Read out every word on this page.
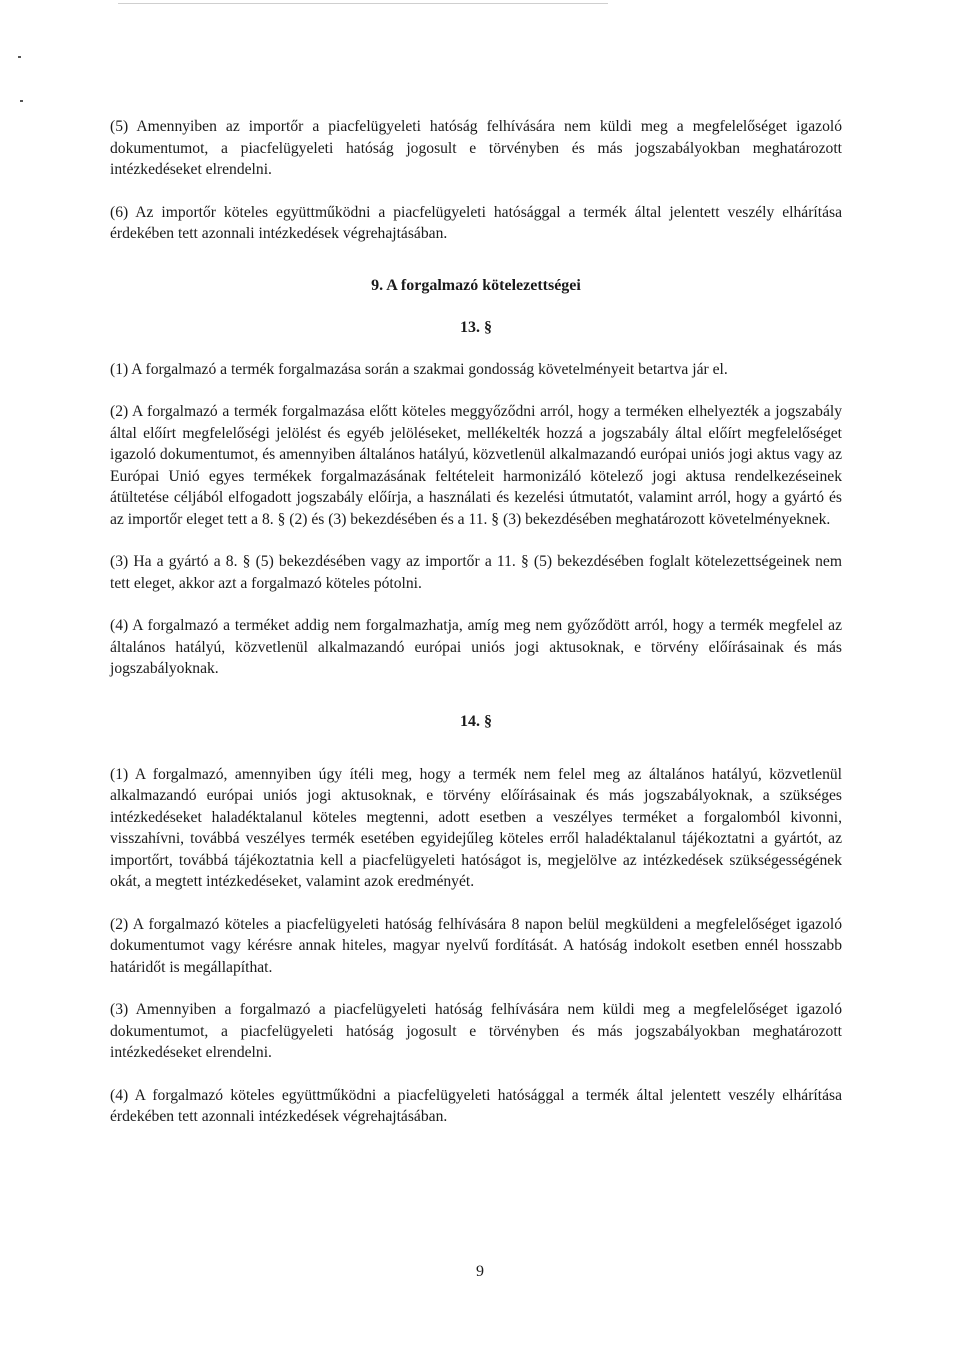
(5) Amennyiben az importőr a piacfelügyeleti hatóság felhívására nem küldi meg a megfelelőséget igazoló dokumentumot, a piacfelügyeleti hatóság jogosult e törvényben és más jogszabályokban meghatározott intézkedéseket elrendelni.

(6) Az importőr köteles együttműködni a piacfelügyeleti hatósággal a termék által jelentett veszély elhárítása érdekében tett azonnali intézkedések végrehajtásában.

9. A forgalmazó kötelezettségei

13. §

(1) A forgalmazó a termék forgalmazása során a szakmai gondosság követelményeit betartva jár el.

(2) A forgalmazó a termék forgalmazása előtt köteles meggyőződni arról, hogy a terméken elhelyezték a jogszabály által előírt megfelelőségi jelölést és egyéb jelöléseket, mellékelték hozzá a jogszabály által előírt megfelelőséget igazoló dokumentumot, és amennyiben általános hatályú, közvetlenül alkalmazandó európai uniós jogi aktus vagy az Európai Unió egyes termékek forgalmazásának feltételeit harmonizáló kötelező jogi aktusa rendelkezéseinek átültetése céljából elfogadott jogszabály előírja, a használati és kezelési útmutatót, valamint arról, hogy a gyártó és az importőr eleget tett a 8. § (2) és (3) bekezdésében és a 11. § (3) bekezdésében meghatározott követelményeknek.

(3) Ha a gyártó a 8. § (5) bekezdésében vagy az importőr a 11. § (5) bekezdésében foglalt kötelezettségeinek nem tett eleget, akkor azt a forgalmazó köteles pótolni.

(4) A forgalmazó a terméket addig nem forgalmazhatja, amíg meg nem győződött arról, hogy a termék megfelel az általános hatályú, közvetlenül alkalmazandó európai uniós jogi aktusoknak, e törvény előírásainak és más jogszabályoknak.

14. §

(1) A forgalmazó, amennyiben úgy ítéli meg, hogy a termék nem felel meg az általános hatályú, közvetlenül alkalmazandó európai uniós jogi aktusoknak, e törvény előírásainak és más jogszabályoknak, a szükséges intézkedéseket haladéktalanul köteles megtenni, adott esetben a veszélyes terméket a forgalomból kivonni, visszahívni, továbbá veszélyes termék esetében egyidejűleg köteles erről haladéktalanul tájékoztatni a gyártót, az importőrt, továbbá tájékoztatnia kell a piacfelügyeleti hatóságot is, megjelölve az intézkedések szükségességének okát, a megtett intézkedéseket, valamint azok eredményét.

(2) A forgalmazó köteles a piacfelügyeleti hatóság felhívására 8 napon belül megküldeni a megfelelőséget igazoló dokumentumot vagy kérésre annak hiteles, magyar nyelvű fordítását. A hatóság indokolt esetben ennél hosszabb határidőt is megállapíthat.

(3) Amennyiben a forgalmazó a piacfelügyeleti hatóság felhívására nem küldi meg a megfelelőséget igazoló dokumentumot, a piacfelügyeleti hatóság jogosult e törvényben és más jogszabályokban meghatározott intézkedéseket elrendelni.

(4) A forgalmazó köteles együttműködni a piacfelügyeleti hatósággal a termék által jelentett veszély elhárítása érdekében tett azonnali intézkedések végrehajtásában.

9
